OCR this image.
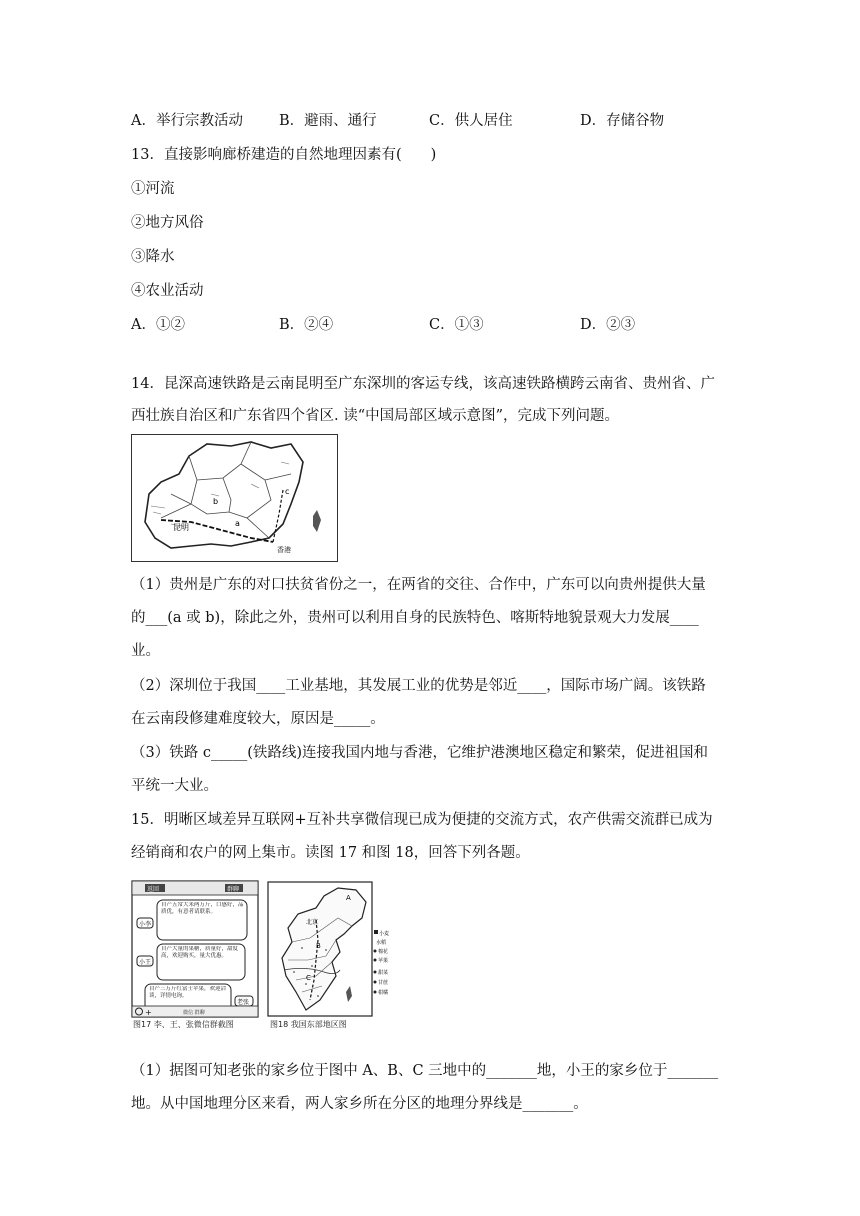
A．举行宗教活动 B．避雨、通行	C．供人居住	D．存储谷物
13．直接影响廊桥建造的自然地理因素有(　　)
①河流
②地方风俗
③降水
④农业活动
A．①②	B．②④	C．①③	D．②③
14．昆深高速铁路是云南昆明至广东深圳的客运专线，该高速铁路横跨云南省、贵州省、广
西壮族自治区和广东省四个省区. 读“中国局部区域示意图”，完成下列问题。
昆明	a
b
c
香港
（1）贵州是广东的对口扶贫省份之一，在两省的交往、合作中，广东可以向贵州提供大量
的___(a 或 b)，除此之外，贵州可以利用自身的民族特色、喀斯特地貌景观大力发展____
业。
（2）深圳位于我国____工业基地，其发展工业的优势是邻近____，国际市场广阔。该铁路
在云南段修建难度较大，原因是_____。
（3）铁路 c_____(铁路线)连接我国内地与香港，它维护港澳地区稳定和繁荣，促进祖国和
平统一大业。
15．明晰区域差异互联网+互补共享微信现已成为便捷的交流方式，农产供需交流群已成为
经销商和农户的网上集市。读图 17 和图 18，回答下列各题。
返回	群聊
小李
自产五常大米两万斤，口感好，品质优，有意者请联系。
小王
自产大量的果糖，质量好，甜度高，欢迎购买，量大优惠。
老张
自产三万斤红富士苹果，欢迎洽谈，详情电询。
+	微信 群聊
图17 李、王、张微信群截图
A
北京
B
C
小麦
水稻
棉花
苹果
甜菜
甘蔗
柑橘
图18 我国东部地区图
（1）据图可知老张的家乡位于图中 A、B、C 三地中的_______地，小王的家乡位于_______
地。从中国地理分区来看，两人家乡所在分区的地理分界线是_______。
